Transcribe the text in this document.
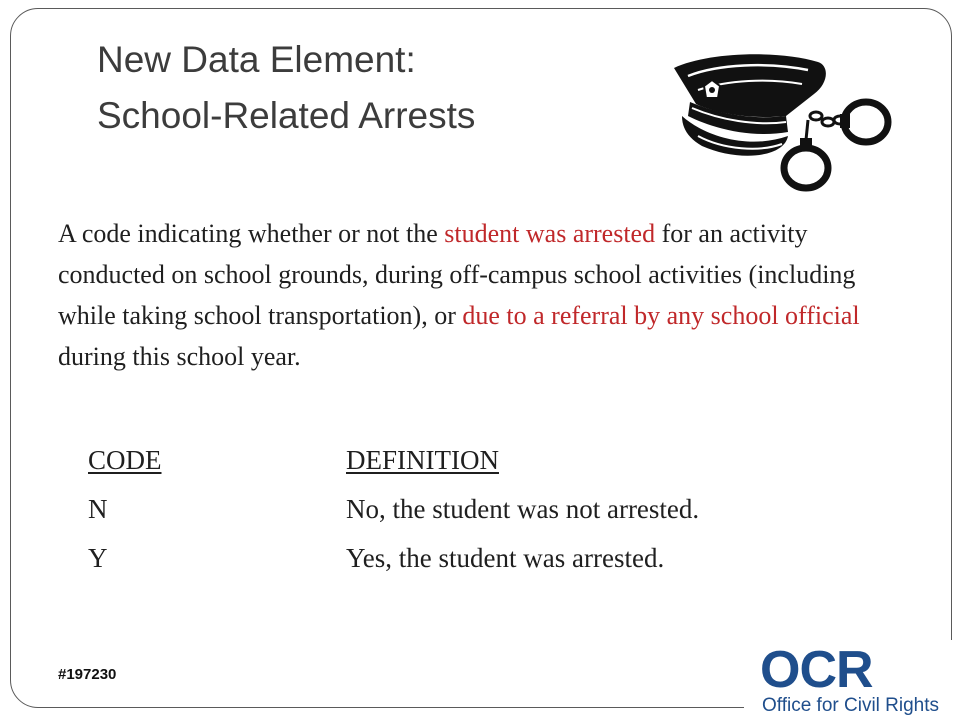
New Data Element:
School-Related Arrests

A code indicating whether or not the student was arrested for an activity conducted on school grounds, during off-campus school activities (including while taking school transportation), or due to a referral by any school official during this school year.

CODE	DEFINITION
N	No, the student was not arrested.
Y	Yes, the student was arrested.
#197230	OCR
Office for Civil Rights
